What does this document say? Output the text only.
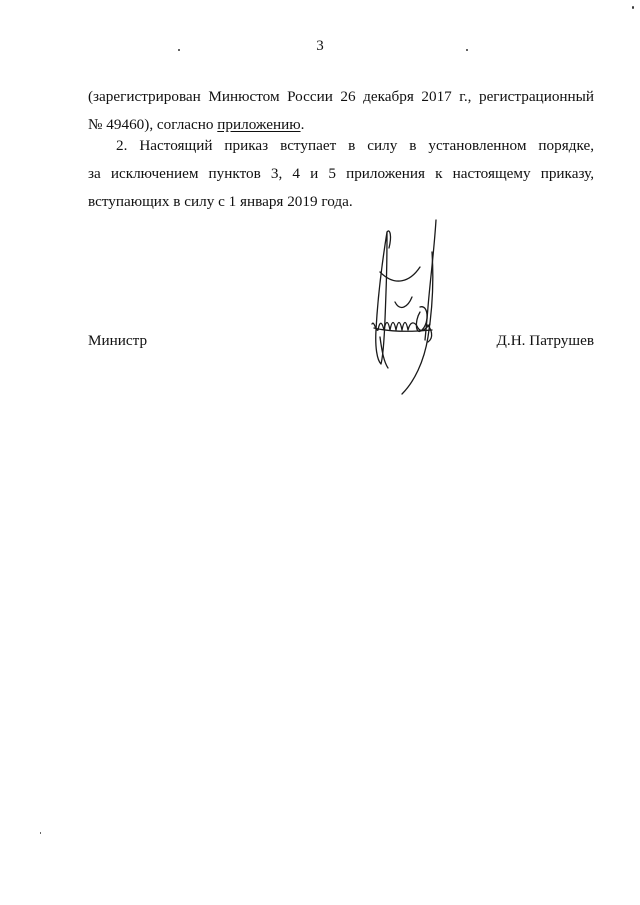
3
(зарегистрирован Минюстом России 26 декабря 2017 г., регистрационный
№ 49460), согласно приложению.
2. Настоящий приказ вступает в силу в установленном порядке,
за исключением пунктов 3, 4 и 5 приложения к настоящему приказу,
вступающих в силу с 1 января 2019 года.
Министр	Д.Н. Патрушев
